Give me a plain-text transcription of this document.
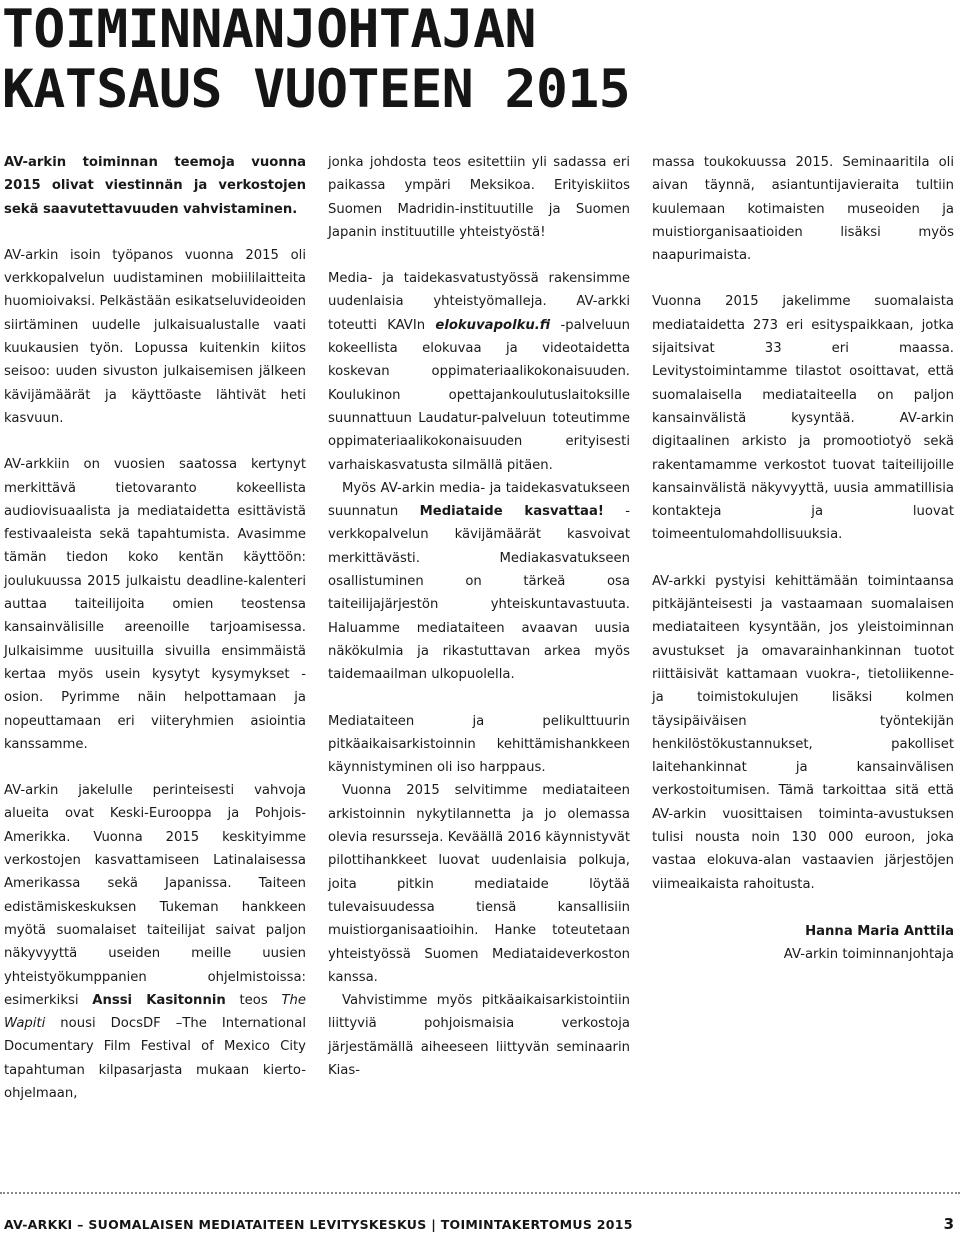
TOIMINNANJOHTAJAN
KATSAUS VUOTEEN 2015

AV-arkin toiminnan teemoja vuonna 2015 olivat viestinnän ja verkostojen sekä saavutettavuuden vahvistaminen.

AV-arkin isoin työpanos vuonna 2015 oli verkkopalvelun uudistaminen mobiililaitteita huomioivaksi. Pelkästään esikatseluvideoiden siirtäminen uudelle julkaisualustalle vaati kuukausien työn. Lopussa kuitenkin kiitos seisoo: uuden sivuston julkaisemisen jälkeen kävijämäärät ja käyttöaste lähtivät heti kasvuun.

AV-arkkiin on vuosien saatossa kertynyt merkittävä tietovaranto kokeellista audiovisuaalista ja mediataidetta esittävistä festivaaleista sekä tapahtumista. Avasimme tämän tiedon koko kentän käyttöön: joulukuussa 2015 julkaistu deadline-kalenteri auttaa taiteilijoita omien teostensa kansainvälisille areenoille tarjoamisessa. Julkaisimme uusituilla sivuilla ensimmäistä kertaa myös usein kysytyt kysymykset -osion. Pyrimme näin helpottamaan ja nopeuttamaan eri viiteryhmien asiointia kanssamme.

AV-arkin jakelulle perinteisesti vahvoja alueita ovat Keski-Eurooppa ja Pohjois-Amerikka. Vuonna 2015 keskityimme verkostojen kasvattamiseen Latinalaisessa Amerikassa sekä Japanissa. Taiteen edistämiskeskuksen Tukeman hankkeen myötä suomalaiset taiteilijat saivat paljon näkyvyyttä useiden meille uusien yhteistyökumppanien ohjelmistoissa: esimerkiksi Anssi Kasitonnin teos The Wapiti nousi DocsDF –The International Documentary Film Festival of Mexico City tapahtuman kilpasarjasta mukaan kierto-ohjelmaan,

jonka johdosta teos esitettiin yli sadassa eri paikassa ympäri Meksikoa. Erityiskiitos Suomen Madridin-instituutille ja Suomen Japanin instituutille yhteistyöstä!

Media- ja taidekasvatustyössä rakensimme uudenlaisia yhteistyömalleja. AV-arkki toteutti KAVIn elokuvapolku.fi -palveluun kokeellista elokuvaa ja videotaidetta koskevan oppimateriaalikokonaisuuden. Koulukinon opettajankoulutuslaitoksille suunnattuun Laudatur-palveluun toteutimme oppimateriaalikokonaisuuden erityisesti varhaiskasvatusta silmällä pitäen.

Myös AV-arkin media- ja taidekasvatukseen suunnatun Mediataide kasvattaa! -verkkopalvelun kävijämäärät kasvoivat merkittävästi. Mediakasvatukseen osallistuminen on tärkeä osa taiteilijajärjestön yhteiskuntavastuuta. Haluamme mediataiteen avaavan uusia näkökulmia ja rikastuttavan arkea myös taidemaailman ulkopuolella.

Mediataiteen ja pelikulttuurin pitkäaikaisarkistoinnin kehittämishankkeen käynnistyminen oli iso harppaus.

Vuonna 2015 selvitimme mediataiteen arkistoinnin nykytilannetta ja jo olemassa olevia resursseja. Keväällä 2016 käynnistyvät pilottihankkeet luovat uudenlaisia polkuja, joita pitkin mediataide löytää tulevaisuudessa tiensä kansallisiin muistiorganisaatioihin. Hanke toteutetaan yhteistyössä Suomen Mediataideverkoston kanssa.

Vahvistimme myös pitkäaikaisarkistointiin liittyviä pohjoismaisia verkostoja järjestämällä aiheeseen liittyvän seminaarin Kias-

massa toukokuussa 2015. Seminaaritila oli aivan täynnä, asiantuntijavieraita tultiin kuulemaan kotimaisten museoiden ja muistiorganisaatioiden lisäksi myös naapurimaista.

Vuonna 2015 jakelimme suomalaista mediataidetta 273 eri esityspaikkaan, jotka sijaitsivat 33 eri maassa. Levitystoimintamme tilastot osoittavat, että suomalaisella mediataiteella on paljon kansainvälistä kysyntää. AV-arkin digitaalinen arkisto ja promootiotyö sekä rakentamamme verkostot tuovat taiteilijoille kansainvälistä näkyvyyttä, uusia ammatillisia kontakteja ja luovat toimeentulomahdollisuuksia.

AV-arkki pystyisi kehittämään toimintaansa pitkäjänteisesti ja vastaamaan suomalaisen mediataiteen kysyntään, jos yleistoiminnan avustukset ja omavarainhankinnan tuotot riittäisivät kattamaan vuokra-, tietoliikenne- ja toimistokulujen lisäksi kolmen täysipäiväisen työntekijän henkilöstökustannukset, pakolliset laitehankinnat ja kansainvälisen verkostoitumisen. Tämä tarkoittaa sitä että AV-arkin vuosittaisen toiminta-avustuksen tulisi nousta noin 130 000 euroon, joka vastaa elokuva-alan vastaavien järjestöjen viimeaikaista rahoitusta.

Hanna Maria Anttila
AV-arkin toiminnanjohtaja
AV-ARKKI – SUOMALAISEN MEDIATAITEEN LEVITYSKESKUS | TOIMINTAKERTOMUS 2015	3
